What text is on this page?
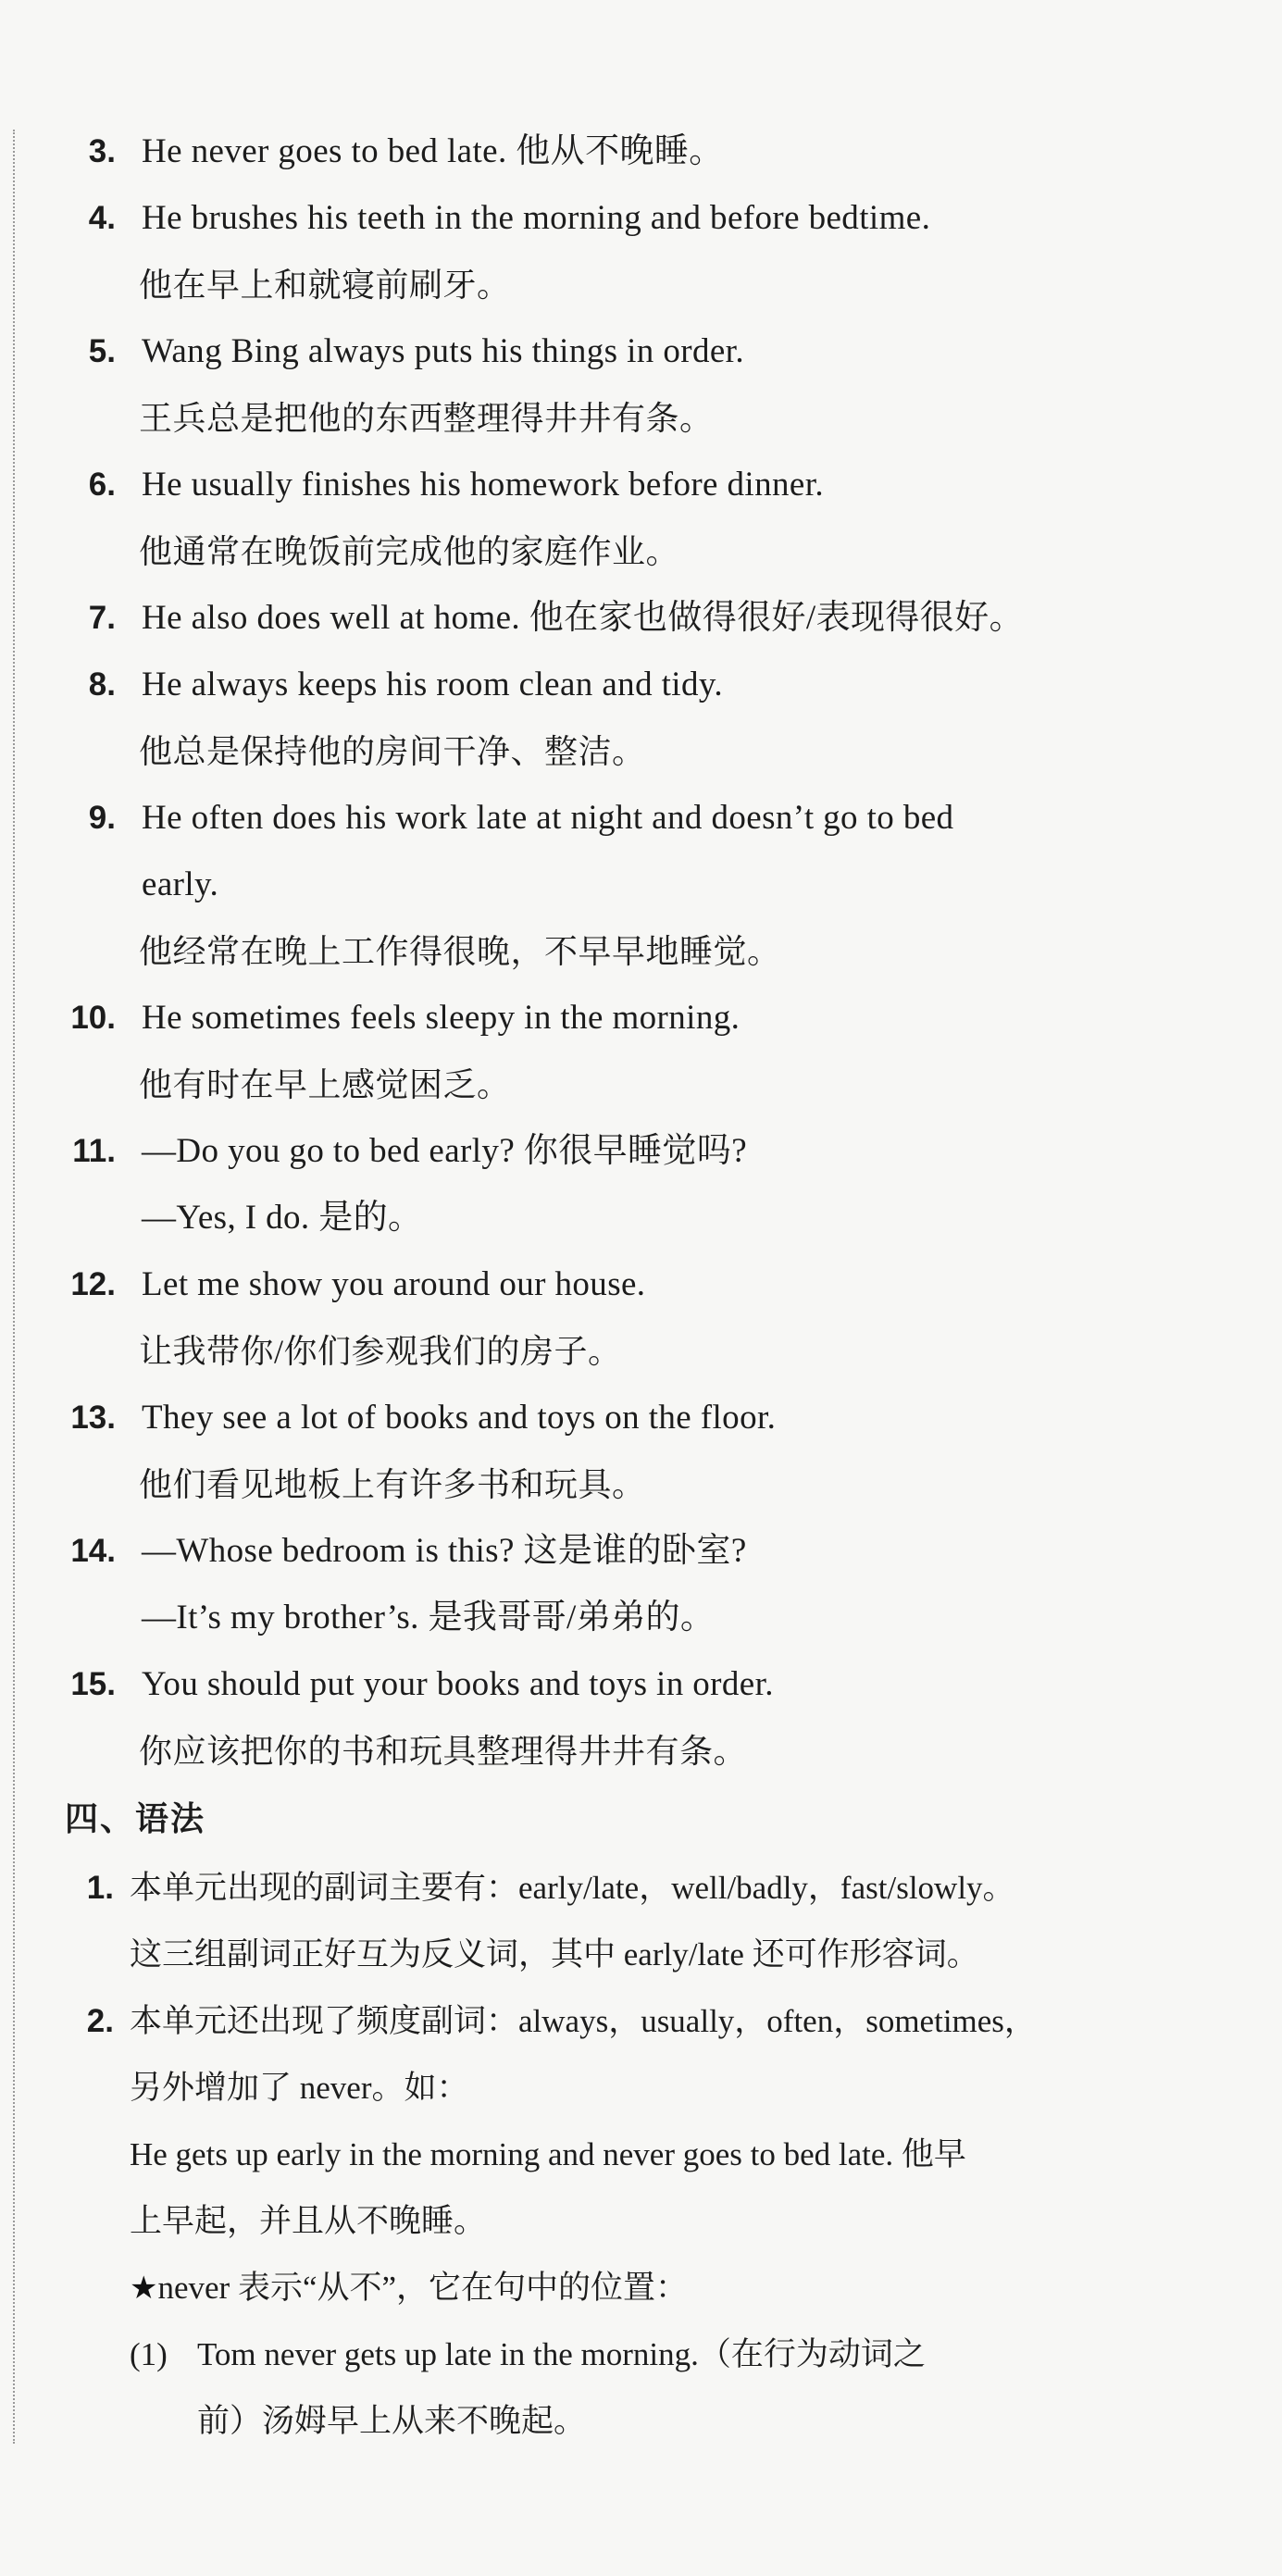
3. He never goes to bed late. 他从不晚睡。
4. He brushes his teeth in the morning and before bedtime.
他在早上和就寝前刷牙。
5. Wang Bing always puts his things in order.
王兵总是把他的东西整理得井井有条。
6. He usually finishes his homework before dinner.
他通常在晚饭前完成他的家庭作业。
7. He also does well at home. 他在家也做得很好/表现得很好。
8. He always keeps his room clean and tidy.
他总是保持他的房间干净、整洁。
9. He often does his work late at night and doesn’t go to bed
early.
他经常在晚上工作得很晚，不早早地睡觉。
10. He sometimes feels sleepy in the morning.
他有时在早上感觉困乏。
11. —Do you go to bed early? 你很早睡觉吗?
—Yes, I do. 是的。
12. Let me show you around our house.
让我带你/你们参观我们的房子。
13. They see a lot of books and toys on the floor.
他们看见地板上有许多书和玩具。
14. —Whose bedroom is this? 这是谁的卧室?
—It’s my brother’s. 是我哥哥/弟弟的。
15. You should put your books and toys in order.
你应该把你的书和玩具整理得井井有条。
四、语法
1. 本单元出现的副词主要有：early/late，well/badly，fast/slowly。
这三组副词正好互为反义词，其中 early/late 还可作形容词。
2. 本单元还出现了频度副词：always，usually，often，sometimes，
另外增加了 never。如：
He gets up early in the morning and never goes to bed late. 他早
上早起，并且从不晚睡。
★never 表示“从不”，它在句中的位置：
(1) Tom never gets up late in the morning.（在行为动词之
前）汤姆早上从来不晚起。
